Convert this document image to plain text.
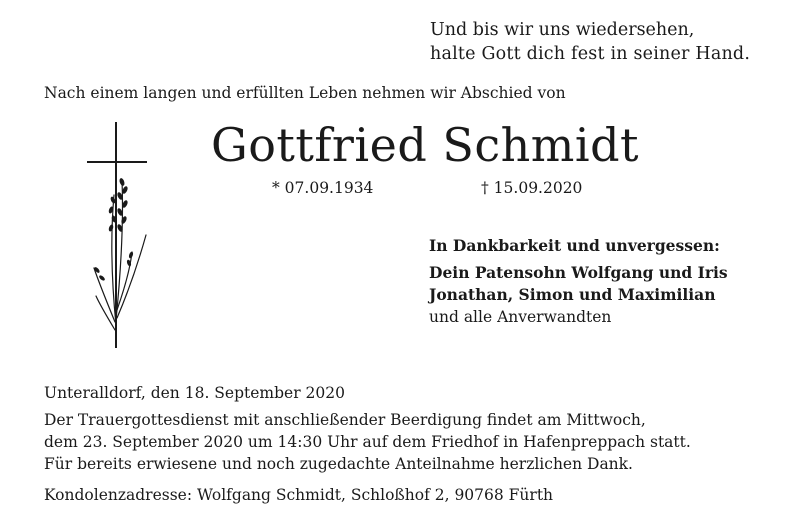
Und bis wir uns wiedersehen,
halte Gott dich fest in seiner Hand.
Nach einem langen und erfüllten Leben nehmen wir Abschied von
Gottfried Schmidt
* 07.09.1934	† 15.09.2020
In Dankbarkeit und unvergessen:
Dein Patensohn Wolfgang und Iris
Jonathan, Simon und Maximilian
und alle Anverwandten
Unteralldorf, den 18. September 2020
Der Trauergottesdienst mit anschließender Beerdigung findet am Mittwoch,
dem 23. September 2020 um 14:30 Uhr auf dem Friedhof in Hafenpreppach statt.
Für bereits erwiesene und noch zugedachte Anteilnahme herzlichen Dank.
Kondolenzadresse: Wolfgang Schmidt, Schloßhof 2, 90768 Fürth
